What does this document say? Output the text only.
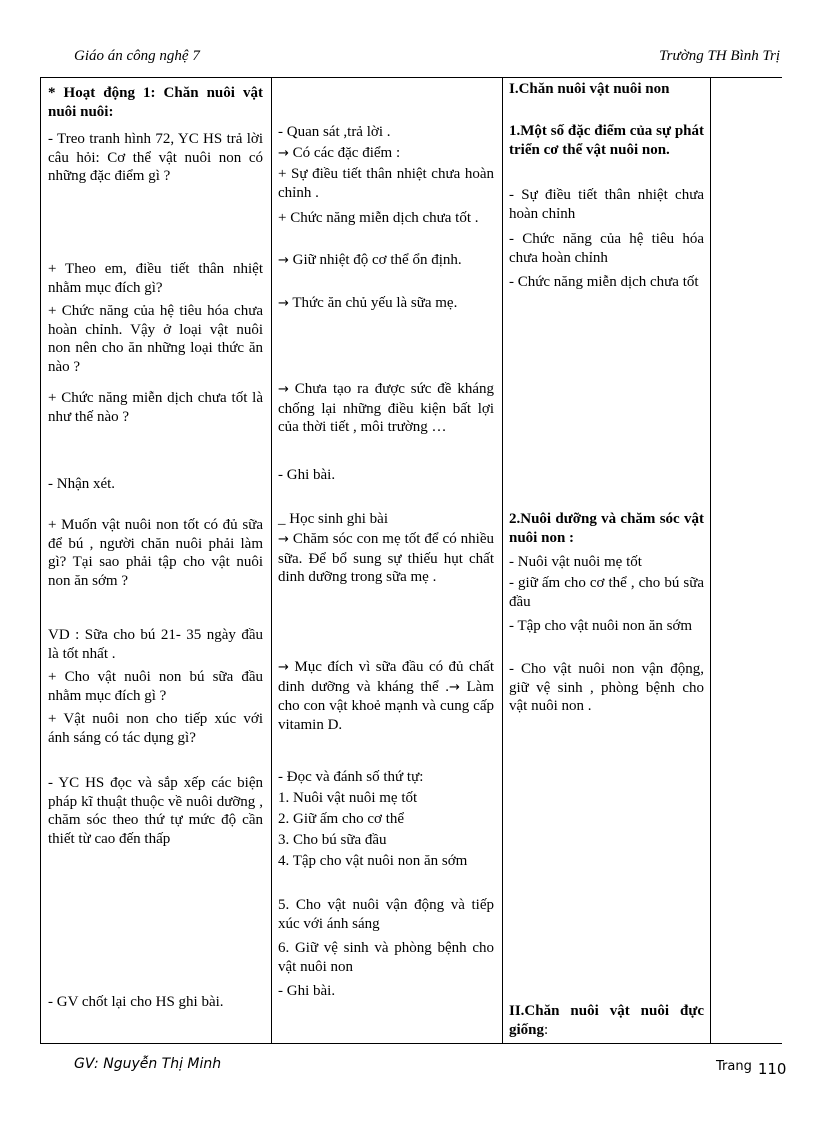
Giáo án công nghệ 7	Trường TH Bình Trị

* Hoạt động 1: Chăn nuôi vật nuôi nuôi:

- Treo tranh hình 72, YC HS trả lời câu hỏi: Cơ thể vật nuôi non có những đặc điểm gì ?

+ Theo em, điều tiết thân nhiệt nhằm mục đích gì?

+ Chức năng của hệ tiêu hóa chưa hoàn chỉnh. Vậy ở loại vật nuôi non nên cho ăn những loại thức ăn nào ?

+ Chức năng miễn dịch chưa tốt là như thế nào ?

- Nhận xét.

+ Muốn vật nuôi non tốt có đủ sữa để bú , người chăn nuôi phải làm gì? Tại sao phải tập cho vật nuôi non ăn sớm ?

VD : Sữa cho bú 21- 35 ngày đầu là tốt nhất .

+ Cho vật nuôi non bú sữa đầu nhằm mục đích gì ?

+ Vật nuôi non cho tiếp xúc với ánh sáng có tác dụng gì?

- YC HS đọc và sắp xếp các biện pháp kĩ thuật thuộc về nuôi dưỡng , chăm sóc theo thứ tự mức độ cần thiết từ cao đến thấp

- GV chốt lại cho HS ghi bài.

- Quan sát ,trả lời .

→ Có các đặc điểm :

+ Sự điều tiết thân nhiệt chưa hoàn chỉnh .

+ Chức năng miễn dịch chưa tốt .

→ Giữ nhiệt độ cơ thể ổn định.

→ Thức ăn chủ yếu là sữa mẹ.

→ Chưa tạo ra được sức đề kháng chống lại những điều kiện bất lợi của thời tiết , môi trường …

- Ghi bài.

_ Học sinh ghi bài

→ Chăm sóc con mẹ tốt để có nhiều sữa. Để bổ sung sự thiếu hụt chất dinh dưỡng trong sữa mẹ .

→ Mục đích vì sữa đầu có đủ chất dinh dưỡng và kháng thể .→ Làm cho con vật khoẻ mạnh và cung cấp vitamin D.

- Đọc và đánh số thứ tự:

1. Nuôi vật nuôi mẹ tốt

2. Giữ ấm cho cơ thể

3. Cho bú sữa đầu

4. Tập cho vật nuôi non ăn sớm

5. Cho vật nuôi vận động và tiếp xúc với ánh sáng

6. Giữ vệ sinh và phòng bệnh cho vật nuôi non

- Ghi bài.

I.Chăn nuôi vật nuôi non

1.Một số đặc điểm của sự phát triển cơ thể vật nuôi non.

- Sự điều tiết thân nhiệt chưa hoàn chỉnh

- Chức năng của hệ tiêu hóa chưa hoàn chỉnh

- Chức năng miễn dịch chưa tốt

2.Nuôi dưỡng và chăm sóc vật nuôi non :

- Nuôi vật nuôi mẹ tốt

- giữ ấm cho cơ thể , cho bú sữa đầu

- Tập cho vật nuôi non ăn sớm

- Cho vật nuôi non vận động, giữ vệ sinh , phòng bệnh cho vật nuôi non .

II.Chăn nuôi vật nuôi đực giống:

GV: Nguyễn Thị Minh	Trang 110
